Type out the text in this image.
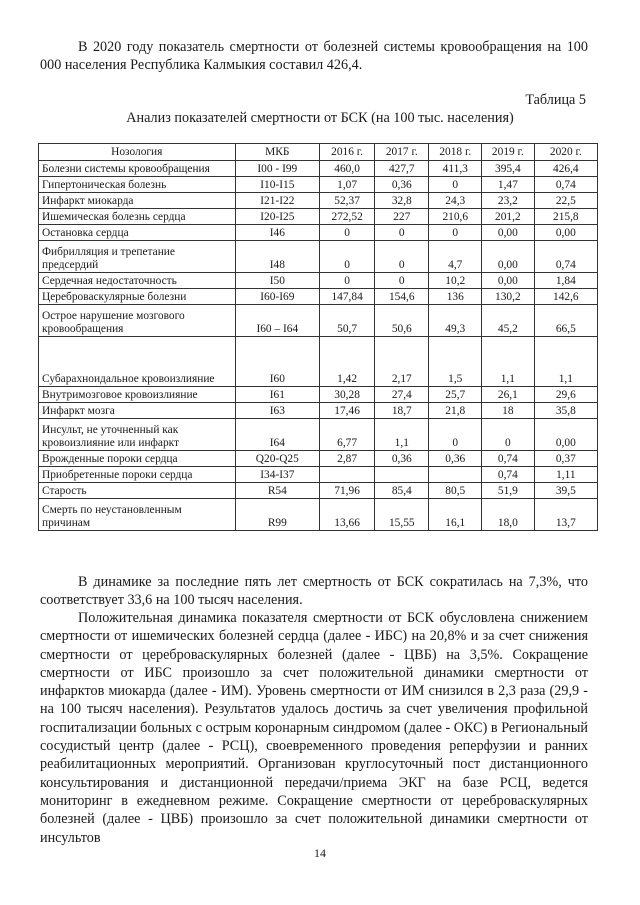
В 2020 году показатель смертности от болезней системы кровообращения на 100 000 населения Республика Калмыкия составил 426,4.

Таблица 5
Анализ показателей смертности от БСК (на 100 тыс. населения)
Нозология	МКБ	2016 г.	2017 г.	2018 г.	2019 г.	2020 г.
Болезни системы кровообращения	I00 - I99	460,0	427,7	411,3	395,4	426,4
Гипертоническая болезнь	I10-I15	1,07	0,36	0	1,47	0,74
Инфаркт миокарда	I21-I22	52,37	32,8	24,3	23,2	22,5
Ишемическая болезнь сердца	I20-I25	272,52	227	210,6	201,2	215,8
Остановка сердца	I46	0	0	0	0,00	0,00
Фибрилляция и трепетание предсердий	I48	0	0	4,7	0,00	0,74
Сердечная недостаточность	I50	0	0	10,2	0,00	1,84
Цереброваскулярные болезни	I60-I69	147,84	154,6	136	130,2	142,6
Острое нарушение мозгового кровообращения	I60 – I64	50,7	50,6	49,3	45,2	66,5
Субарахноидальное кровоизлияние	I60	1,42	2,17	1,5	1,1	1,1
Внутримозговое кровоизлияние	I61	30,28	27,4	25,7	26,1	29,6
Инфаркт мозга	I63	17,46	18,7	21,8	18	35,8
Инсульт, не уточненный как кровоизлияние или инфаркт	I64	6,77	1,1	0	0	0,00
Врожденные пороки сердца	Q20-Q25	2,87	0,36	0,36	0,74	0,37
Приобретенные пороки сердца	I34-I37				0,74	1,11
Старость	R54	71,96	85,4	80,5	51,9	39,5
Смерть по неустановленным причинам	R99	13,66	15,55	16,1	18,0	13,7

В динамике за последние пять лет смертность от БСК сократилась на 7,3%, что соответствует 33,6 на 100 тысяч населения.

Положительная динамика показателя смертности от БСК обусловлена снижением смертности от ишемических болезней сердца (далее - ИБС) на 20,8% и за счет снижения смертности от цереброваскулярных болезней (далее - ЦВБ) на 3,5%. Сокращение смертности от ИБС произошло за счет положительной динамики смертности от инфарктов миокарда (далее - ИМ). Уровень смертности от ИМ снизился в 2,3 раза (29,9 - на 100 тысяч населения). Результатов удалось достичь за счет увеличения профильной госпитализации больных с острым коронарным синдромом (далее - ОКС) в Региональный сосудистый центр (далее - РСЦ), своевременного проведения реперфузии и ранних реабилитационных мероприятий. Организован круглосуточный пост дистанционного консультирования и дистанционной передачи/приема ЭКГ на базе РСЦ, ведется мониторинг в ежедневном режиме. Сокращение смертности от цереброваскулярных болезней (далее - ЦВБ) произошло за счет положительной динамики смертности от инсультов

14
